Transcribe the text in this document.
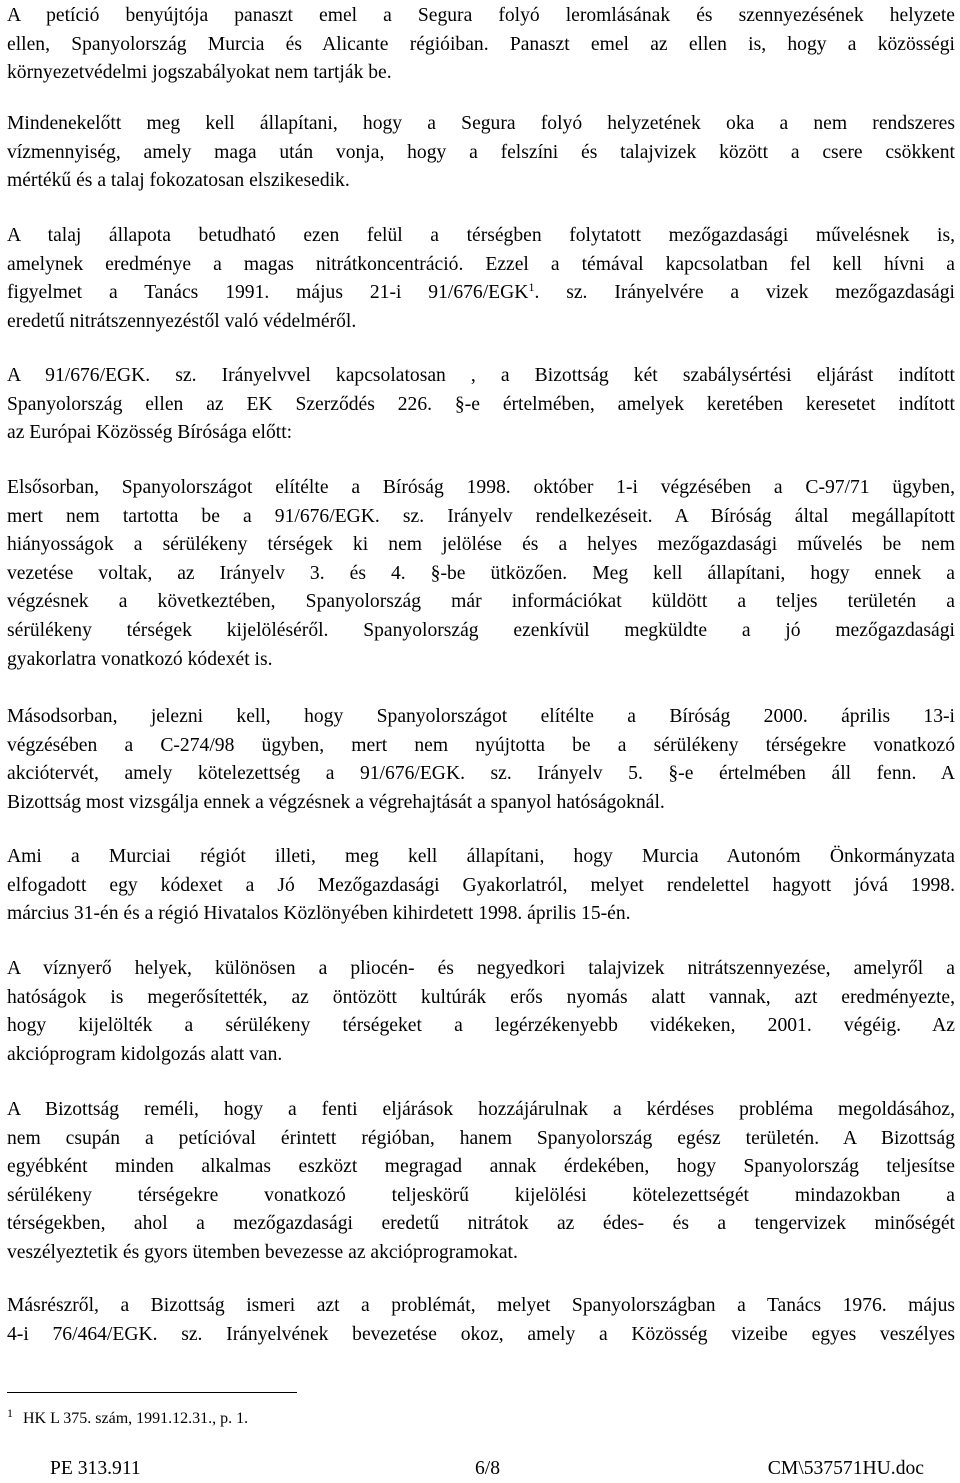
A petíció benyújtója panaszt emel a Segura folyó leromlásának és szennyezésének helyzete
ellen, Spanyolország Murcia és Alicante régióiban. Panaszt emel az ellen is, hogy a közösségi
környezetvédelmi jogszabályokat nem tartják be.

Mindenekelőtt meg kell állapítani, hogy a Segura folyó helyzetének oka a nem rendszeres
vízmennyiség, amely maga után vonja, hogy a felszíni és talajvizek között a csere csökkent
mértékű és a talaj fokozatosan elszikesedik.

A talaj állapota betudható ezen felül a térségben folytatott mezőgazdasági művelésnek is,
amelynek eredménye a magas nitrátkoncentráció. Ezzel a témával kapcsolatban fel kell hívni a
figyelmet a Tanács 1991. május 21-i 91/676/EGK$^1$. sz. Irányelvére a vizek mezőgazdasági
eredetű nitrátszennyezéstől való védelméről.

A 91/676/EGK. sz. Irányelvvel kapcsolatosan , a Bizottság két szabálysértési eljárást indított
Spanyolország ellen az EK Szerződés 226. §-e értelmében, amelyek keretében keresetet indított
az Európai Közösség Bírósága előtt:

Elsősorban, Spanyolországot elítélte a Bíróság 1998. október 1-i végzésében a C-97/71 ügyben,
mert nem tartotta be a 91/676/EGK. sz. Irányelv rendelkezéseit. A Bíróság által megállapított
hiányosságok a sérülékeny térségek ki nem jelölése és a helyes mezőgazdasági művelés be nem
vezetése voltak, az Irányelv 3. és 4. §-be ütközően. Meg kell állapítani, hogy ennek a
végzésnek a következtében, Spanyolország már információkat küldött a teljes területén a
sérülékeny térségek kijelöléséről. Spanyolország ezenkívül megküldte a jó mezőgazdasági
gyakorlatra vonatkozó kódexét is.

Másodsorban, jelezni kell, hogy Spanyolországot elítélte a Bíróság 2000. április 13-i
végzésében a C-274/98 ügyben, mert nem nyújtotta be a sérülékeny térségekre vonatkozó
akciótervét, amely kötelezettség a 91/676/EGK. sz. Irányelv 5. §-e értelmében áll fenn. A
Bizottság most vizsgálja ennek a végzésnek a végrehajtását a spanyol hatóságoknál.

Ami a Murciai régiót illeti, meg kell állapítani, hogy Murcia Autonóm Önkormányzata
elfogadott egy kódexet a Jó Mezőgazdasági Gyakorlatról, melyet rendelettel hagyott jóvá 1998.
március 31-én és a régió Hivatalos Közlönyében kihirdetett 1998. április 15-én.

A víznyerő helyek, különösen a pliocén- és negyedkori talajvizek nitrátszennyezése, amelyről a
hatóságok is megerősítették, az öntözött kultúrák erős nyomás alatt vannak, azt eredményezte,
hogy kijelölték a sérülékeny térségeket a legérzékenyebb vidékeken, 2001. végéig. Az
akcióprogram kidolgozás alatt van.

A Bizottság reméli, hogy a fenti eljárások hozzájárulnak a kérdéses probléma megoldásához,
nem csupán a petícióval érintett régióban, hanem Spanyolország egész területén. A Bizottság
egyébként minden alkalmas eszközt megragad annak érdekében, hogy Spanyolország teljesítse
sérülékeny térségekre vonatkozó teljeskörű kijelölési kötelezettségét mindazokban a
térségekben, ahol a mezőgazdasági eredetű nitrátok az édes- és a tengervizek minőségét
veszélyeztetik és gyors ütemben bevezesse az akcióprogramokat.

Másrészről, a Bizottság ismeri azt a problémát, melyet Spanyolországban a Tanács 1976. május
4-i 76/464/EGK. sz. Irányelvének bevezetése okoz, amely a Közösség vizeibe egyes veszélyes

$^1$ HK L 375. szám, 1991.12.31., p. 1.
PE 313.911	6/8	CM\537571HU.doc
